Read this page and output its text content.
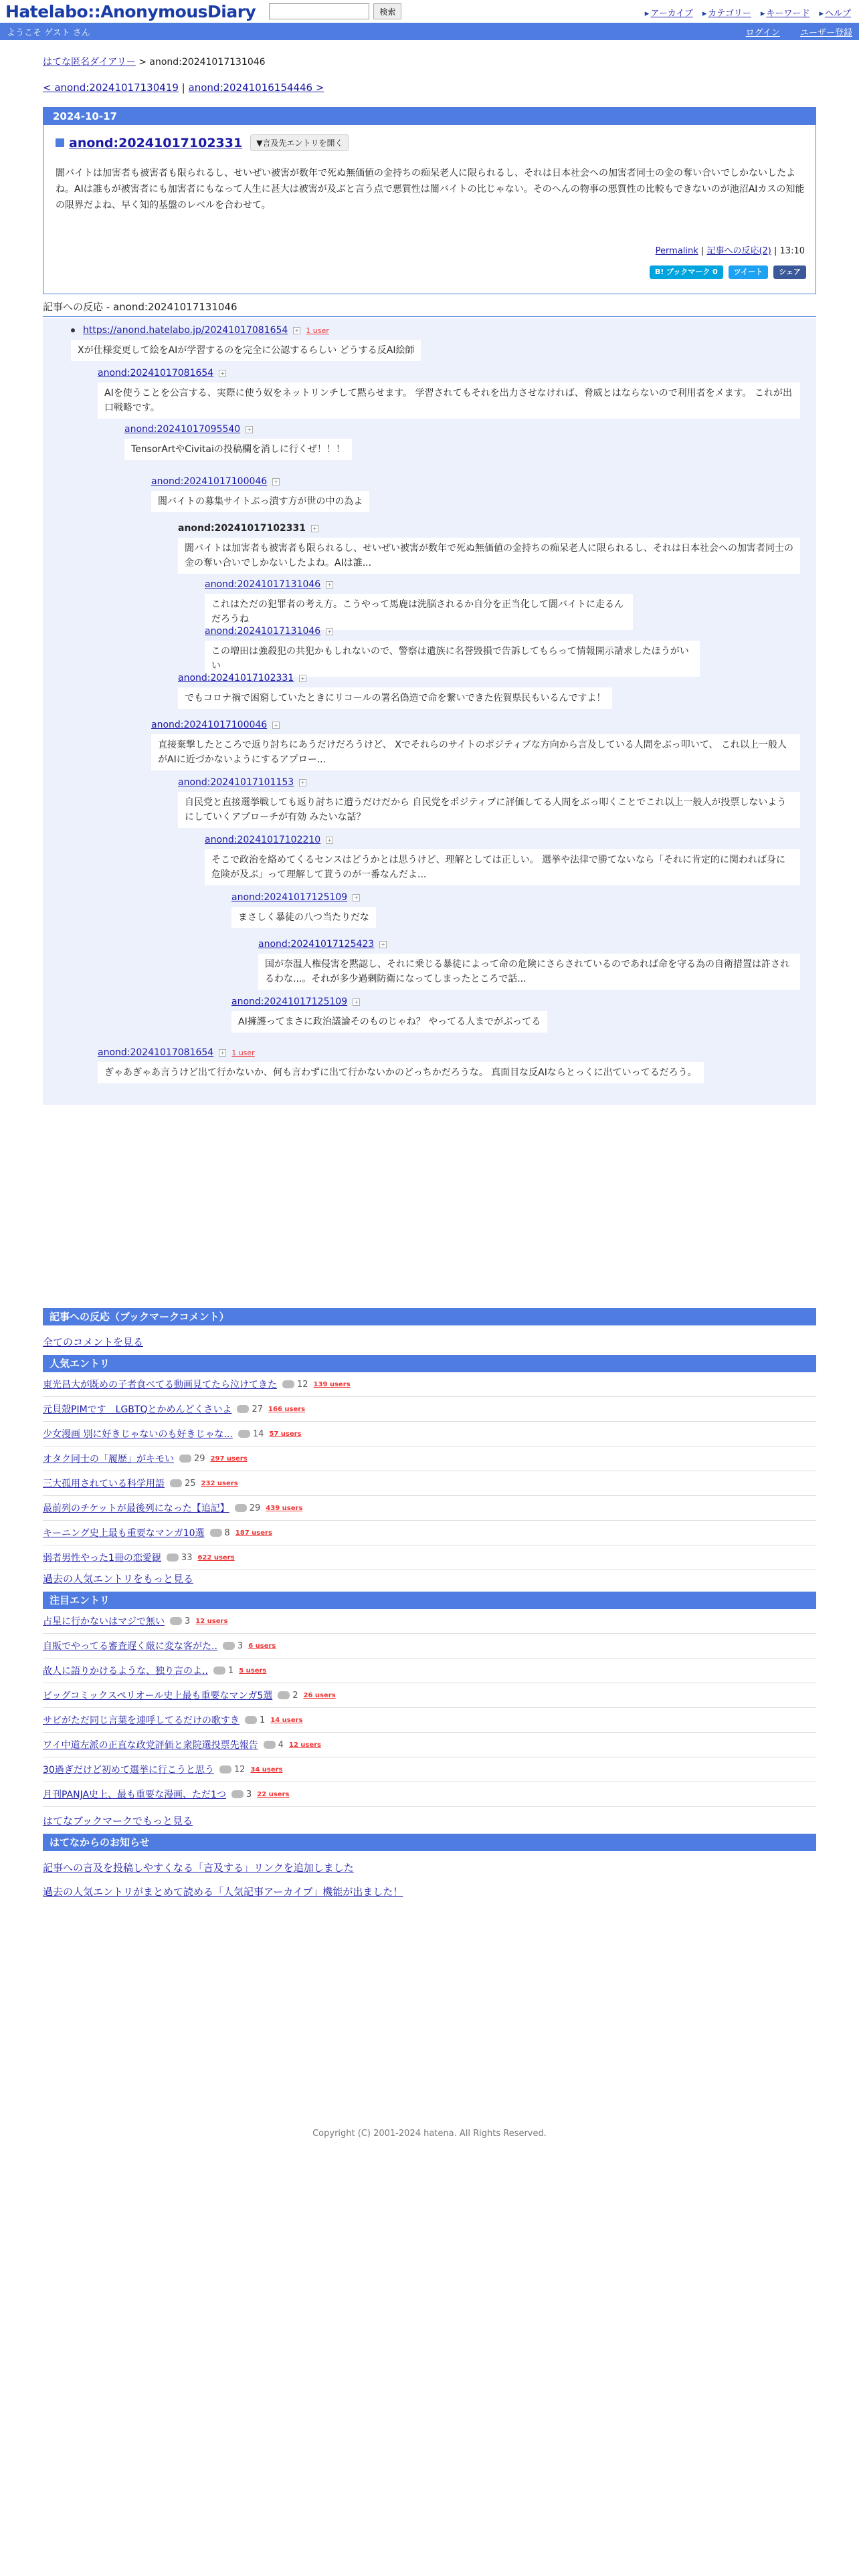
Hatelabo::AnonymousDiary	検索	▸ アーカイブ	▸ カテゴリー	▸ キーワード	▸ ヘルプ
ようこそ ゲスト さん	ログイン ユーザー登録
はてな匿名ダイアリー > anond:20241017131046
< anond:20241017130419 | anond:20241016154446 >
2024-10-17
anond:20241017102331	▼言及先エントリを開く
闇バイトは加害者も被害者も限られるし、せいぜい被害が数年で死ぬ無価値の金持ちの痴呆老人に限られるし、それは日本社会への加害者同士の金の奪い合いでしかないしたよね。AIは誰もが被害者にも加害者にもなって人生に甚大は被害が及ぶと言う点で悪質性は闇バイトの比じゃない。そのへんの物事の悪質性の比較もできないのが池沼AIカスの知能の限界だよね、早く知的基盤のレベルを合わせて。
Permalink | 記事への反応(2) | 13:10
B! ブックマーク 0	ツイート	シェア
記事への反応 - anond:20241017131046
https://anond.hatelabo.jp/20241017081654 + 1 user
Xが仕様変更して絵をAIが学習するのを完全に公認するらしい どうする反AI絵師
anond:20241017081654 +
AIを使うことを公言する、実際に使う奴をネットリンチして黙らせます。 学習されてもそれを出力させなければ、脅威とはならないので利用者をメます。 これが出口戦略です。
anond:20241017095540 +
TensorArtやCivitaiの投稿欄を消しに行くぜ！！！
anond:20241017100046 +
闇バイトの募集サイトぶっ潰す方が世の中の為よ
anond:20241017102331 +
闇バイトは加害者も被害者も限られるし、せいぜい被害が数年で死ぬ無価値の金持ちの痴呆老人に限られるし、それは日本社会への加害者同士の金の奪い合いでしかないしたよね。AIは誰...
anond:20241017131046 +
これはただの犯罪者の考え方。こうやって馬鹿は洗脳されるか自分を正当化して闇バイトに走るんだろうね
anond:20241017131046 +
この増田は強殺犯の共犯かもしれないので、警察は遺族に名誉毀損で告訴してもらって情報開示請求したほうがいい
anond:20241017102331 +
でもコロナ禍で困窮していたときにリコールの署名偽造で命を繋いできた佐賀県民もいるんですよ！
anond:20241017100046 +
直接棄撃したところで返り討ちにあうだけだろうけど、 Xでそれらのサイトのポジティブな方向から言及している人間をぶっ叩いて、 これ以上一般人がAIに近づかないようにするアプロー...
anond:20241017101153 +
自民党と直接選挙戦しても返り討ちに遭うだけだから 自民党をポジティブに評価してる人間をぶっ叩くことでこれ以上一般人が投票しないようにしていくアプローチが有効 みたいな話？
anond:20241017102210 +
そこで政治を絡めてくるセンスはどうかとは思うけど、理解としては正しい。 選挙や法律で勝てないなら「それに肯定的に関われば身に危険が及ぶ」って理解して貰うのが一番なんだよ...
anond:20241017125109 +
まさしく暴徒の八つ当たりだな
anond:20241017125423 +
国が奈温人権侵害を黙認し、それに乗じる暴徒によって命の危険にさらされているのであれば命を守る為の自衛措置は許されるわな...。それが多少過剰防衛になってしまったところで話...
anond:20241017125109 +
AI擁護ってまさに政治議論そのものじゃね？ やってる人までがぶってる
anond:20241017081654 + 1 user
ぎゃあぎゃあ言うけど出て行かないか、何も言わずに出て行かないかのどっちかだろうな。 真面目な反AIならとっくに出ていってるだろう。
記事への反応（ブックマークコメント）
全てのコメントを見る
人気エントリ
東光昌大が既めの子者食べてる動画見てたら泣けてきた 12 139 users
元貝殻PIMです　LGBTQとかめんどくさいよ 27 166 users
少女漫画 別に好きじゃないのも好きじゃな... 14 57 users
オタク同士の「履歴」がキモい 29 297 users
三大孤用されている科学用語 25 232 users
最前列のチケットが最後列になった【追記】 29 439 users
キーニング史上最も重要なマンガ10選 8 187 users
弱者男性やった1冊の恋愛観 33 622 users
過去の人気エントリをもっと見る
注目エントリ
占星に行かないはマジで無い 3 12 users
自販でやってる審査遅く厳に変な客がた.. 3 6 users
故人に語りかけるような、独り言のよ.. 1 5 users
ビッグコミックスペリオール史上最も重要なマンガ5選 2 26 users
サビがただ同じ言葉を連呼してるだけの歌すき 1 14 users
ワイ中道左派の正直な政党評価と衆院選投票先報告 4 12 users
30過ぎだけど初めて選挙に行こうと思う 12 34 users
月刊PANJA史上、最も重要な漫画、ただ1つ 3 22 users
はてなブックマークでもっと見る
はてなからのお知らせ
記事への言及を投稿しやすくなる「言及する」リンクを追加しました
過去の人気エントリがまとめて読める「人気記事アーカイブ」機能が出ました！
Copyright (C) 2001-2024 hatena. All Rights Reserved.
